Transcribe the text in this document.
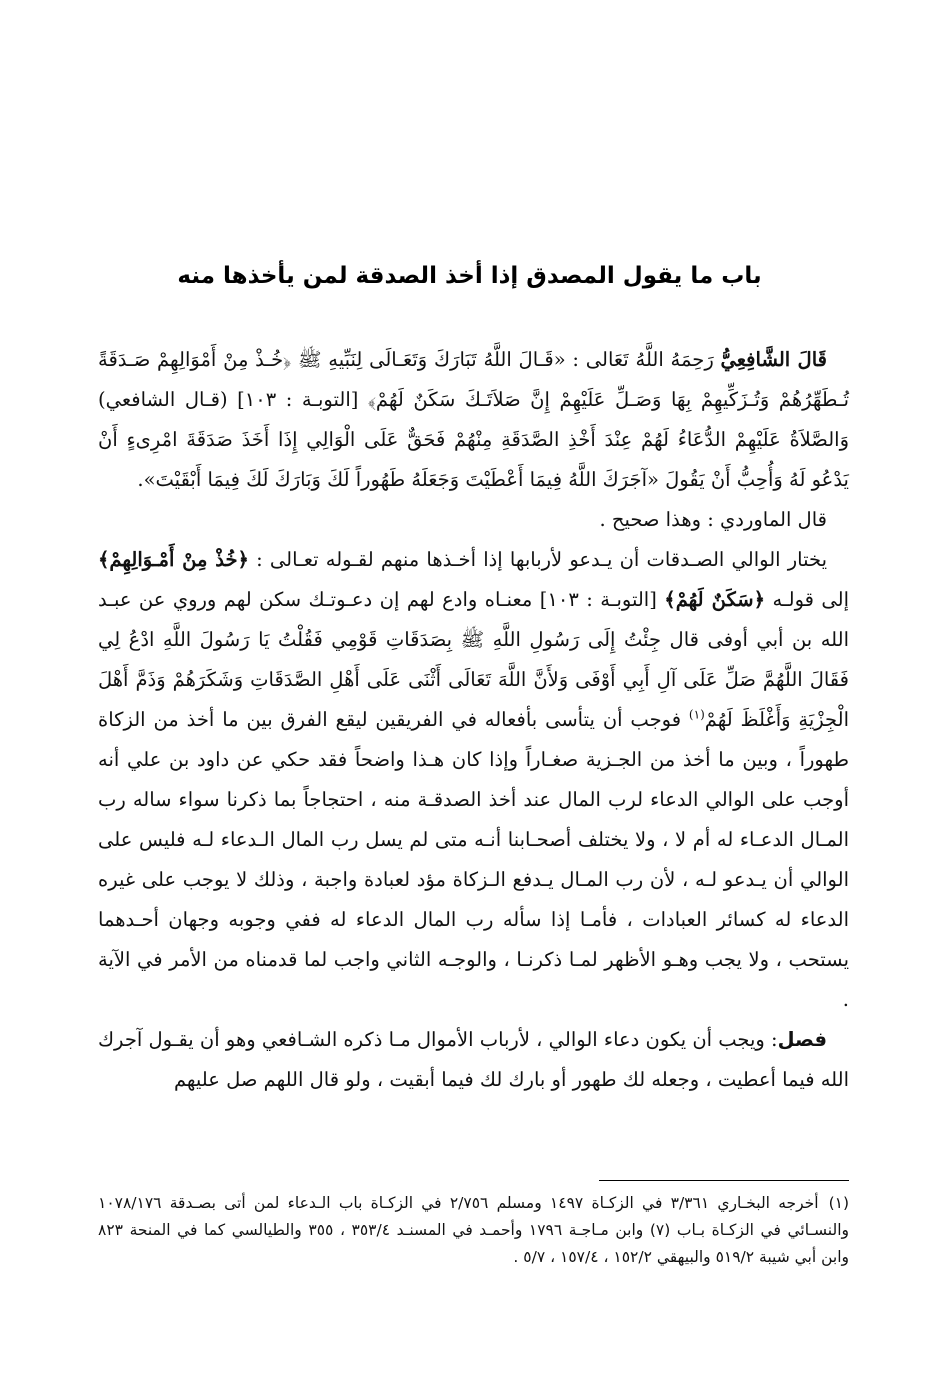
باب ما يقول المصدق إذا أخذ الصدقة لمن يأخذها منه

قَالَ الشَّافِعِيُّ رَحِمَهُ اللَّهُ تَعَالى : «قَـالَ اللَّهُ تَبَارَكَ وَتَعَـالَى لِنَبِّيهِ ﷺ ﴿خُـذْ مِنْ أَمْوَالِهِمْ صَـدَقَةً تُـطَهِّرُهُمْ وَتُـزَكِّيهِمْ بِهَا وَصَـلِّ عَلَيْهِمْ إِنَّ صَلاَتَـكَ سَكَنٌ لَهُمْ﴾ [التوبـة : ١٠٣] (قـال الشافعي) وَالصَّلاَةُ عَلَيْهِمْ الدُّعَاءُ لَهُمْ عِنْدَ أَخْذِ الصَّدَقَةِ مِنْهُمْ فَحَقٌّ عَلَى الْوَالِي إِذَا أَخَذَ صَدَقَةَ امْرِىءٍ أَنْ يَدْعُو لَهُ وَأُحِبُّ أَنْ يَقُولَ «آجَرَكَ اللَّهُ فِيمَا أَعْطَيْتَ وَجَعَلَهُ طَهُوراً لَكَ وَبَارَكَ لَكَ فِيمَا أَبْقَيْتَ».

قال الماوردي : وهذا صحيح .

يختار الوالي الصـدقات أن يـدعو لأربابها إذا أخـذها منهم لقـوله تعـالى : ﴿خُذْ مِنْ أَمْـوَالِهِمْ﴾ إلى قولـه ﴿سَكَنٌ لَهُمْ﴾ [التوبـة : ١٠٣] معنـاه وادع لهم إن دعـوتـك سكن لهم وروي عن عبـد الله بن أبي أوفى قال جِئْتُ إِلَى رَسُولِ اللَّهِ ﷺ بِصَدَقَاتِ قَوْمِي فَقُلْتُ يَا رَسُولَ اللَّهِ ادْعُ لِي فَقَالَ اللَّهُمَّ صَلِّ عَلَى آلِ أَبِي أَوْفَى وَلأَنَّ اللَّهَ تَعَالَى أَثْنَى عَلَى أَهْلِ الصَّدَقَاتِ وَشَكَرَهُمْ وَذَمَّ أَهْلَ الْجِزْيَةِ وَأَغْلَظَ لَهُمْ$^{(١)}$ فوجب أن يتأسى بأفعاله في الفريقين ليقع الفرق بين ما أخذ من الزكاة طهوراً ، وبين ما أخذ من الجـزية صغـاراً وإذا كان هـذا واضحاً فقد حكي عن داود بن علي أنه أوجب على الوالي الدعاء لرب المال عند أخذ الصدقـة منه ، احتجاجاً بما ذكرنا سواء ساله رب المـال الدعـاء له أم لا ، ولا يختلف أصحـابنا أنـه متى لم يسل رب المال الـدعاء لـه فليس على الوالي أن يـدعو لـه ، لأن رب المـال يـدفع الـزكاة مؤد لعبادة واجبة ، وذلك لا يوجب على غيره الدعاء له كسائر العبادات ، فأمـا إذا سأله رب المال الدعاء له ففي وجوبه وجهان أحـدهما يستحب ، ولا يجب وهـو الأظهر لمـا ذكرنـا ، والوجـه الثاني واجب لما قدمناه من الأمر في الآية .

فصل: ويجب أن يكون دعاء الوالي ، لأرباب الأموال مـا ذكره الشـافعي وهو أن يقـول آجرك الله فيما أعطيت ، وجعله لك طهور أو بارك لك فيما أبقيت ، ولو قال اللهم صل عليهم

(١)أخرجه البخـاري ٣/٣٦١ في الزكـاة ١٤٩٧ ومسلم ٢/٧٥٦ في الزكـاة باب الـدعاء لمن أتى بصـدقة ١٠٧٨/١٧٦ والنسـائي في الزكـاة بـاب (٧) وابن مـاجـة ١٧٩٦ وأحمـد في المسنـد ٣٥٣/٤ ، ٣٥٥ والطيالسي كما في المنحة ٨٢٣ وابن أبي شيبة ٥١٩/٢ والبيهقي ١٥٢/٢ ، ١٥٧/٤ ، ٥/٧ .
